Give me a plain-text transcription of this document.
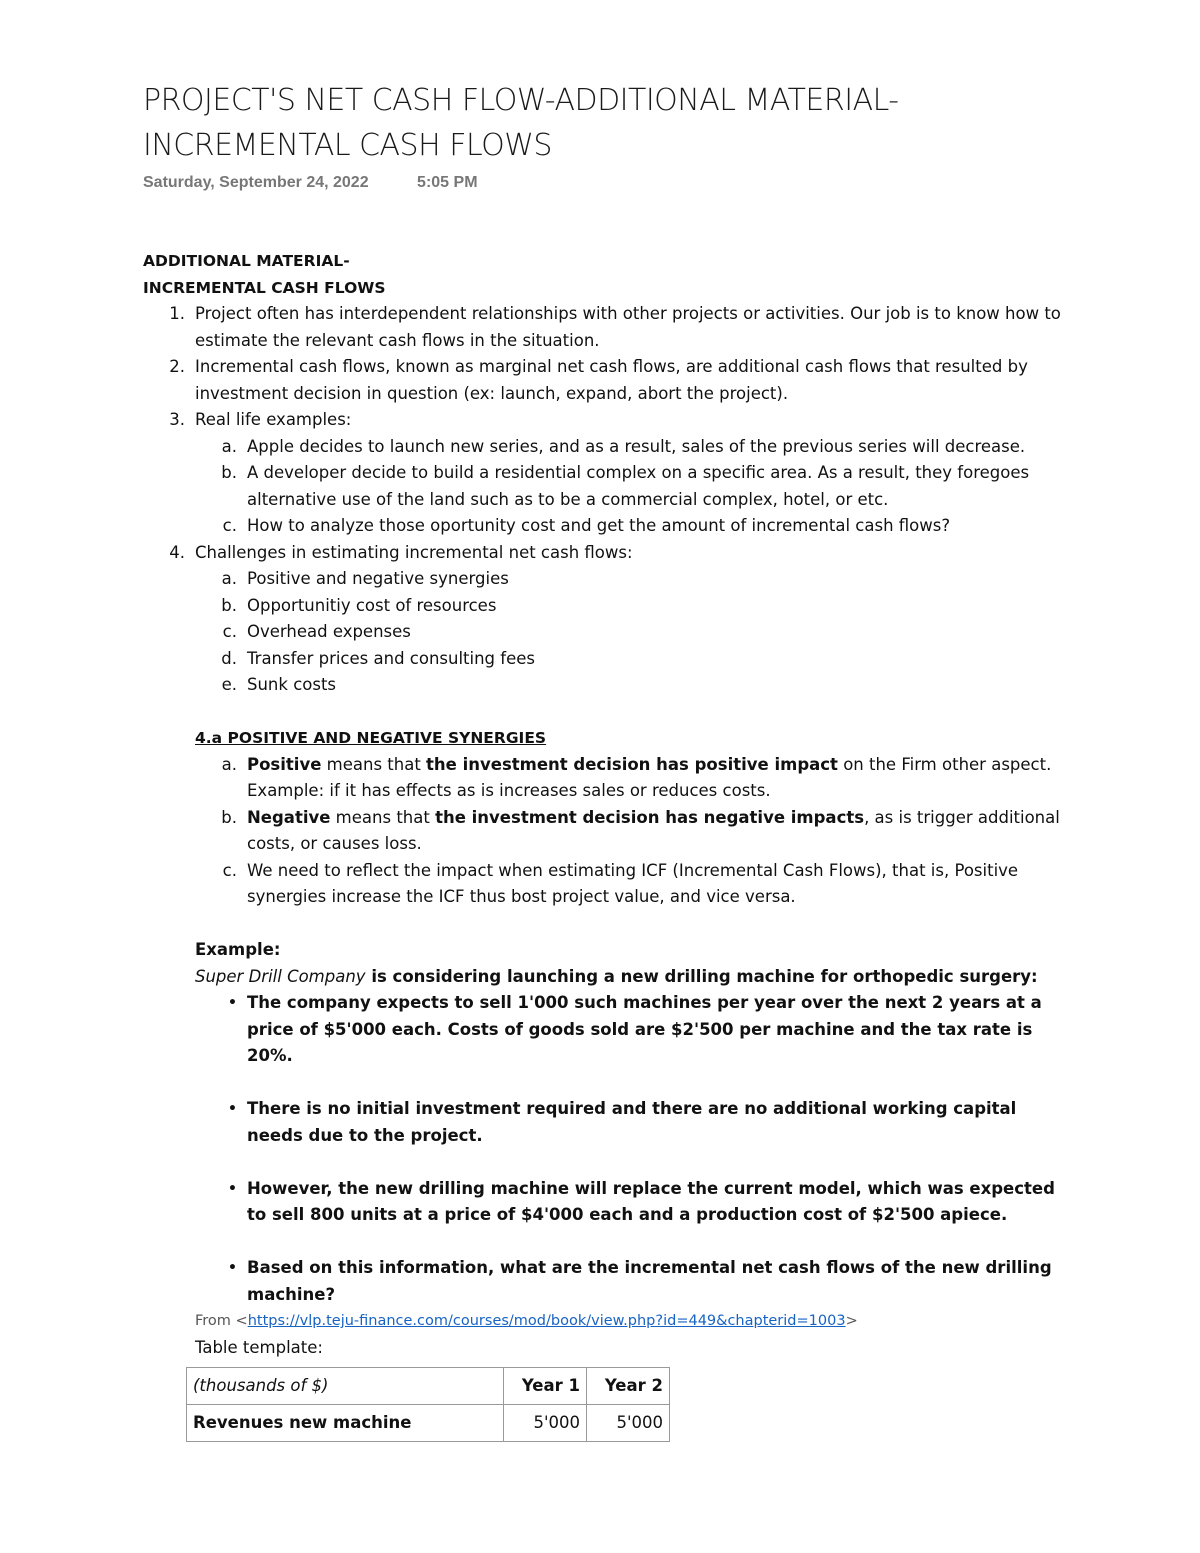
PROJECT'S NET CASH FLOW-ADDITIONAL MATERIAL-INCREMENTAL CASH FLOWS
Saturday, September 24, 2022	5:05 PM

ADDITIONAL MATERIAL-

INCREMENTAL CASH FLOWS

1. Project often has interdependent relationships with other projects or activities. Our job is to know how to estimate the relevant cash flows in the situation.
2. Incremental cash flows, known as marginal net cash flows, are additional cash flows that resulted by investment decision in question (ex: launch, expand, abort the project).
3. Real life examples:
a. Apple decides to launch new series, and as a result, sales of the previous series will decrease.
b. A developer decide to build a residential complex on a specific area. As a result, they foregoes alternative use of the land such as to be a commercial complex, hotel, or etc.
c. How to analyze those oportunity cost and get the amount of incremental cash flows?
4. Challenges in estimating incremental net cash flows:
a. Positive and negative synergies
b. Opportunitiy cost of resources
c. Overhead expenses
d. Transfer prices and consulting fees
e. Sunk costs

4.a POSITIVE AND NEGATIVE SYNERGIES

a. Positive means that the investment decision has positive impact on the Firm other aspect. Example: if it has effects as is increases sales or reduces costs.
b. Negative means that the investment decision has negative impacts, as is trigger additional costs, or causes loss.
c. We need to reflect the impact when estimating ICF (Incremental Cash Flows), that is, Positive synergies increase the ICF thus bost project value, and vice versa.

Example:

Super Drill Company is considering launching a new drilling machine for orthopedic surgery:

• The company expects to sell 1'000 such machines per year over the next 2 years at a price of $5'000 each. Costs of goods sold are $2'500 per machine and the tax rate is 20%.
• There is no initial investment required and there are no additional working capital needs due to the project.
• However, the new drilling machine will replace the current model, which was expected to sell 800 units at a price of $4'000 each and a production cost of $2'500 apiece.
• Based on this information, what are the incremental net cash flows of the new drilling machine?

From <https://vlp.teju-finance.com/courses/mod/book/view.php?id=449&chapterid=1003>

Table template:

(thousands of $)	Year 1	Year 2
Revenues new machine	5'000	5'000
